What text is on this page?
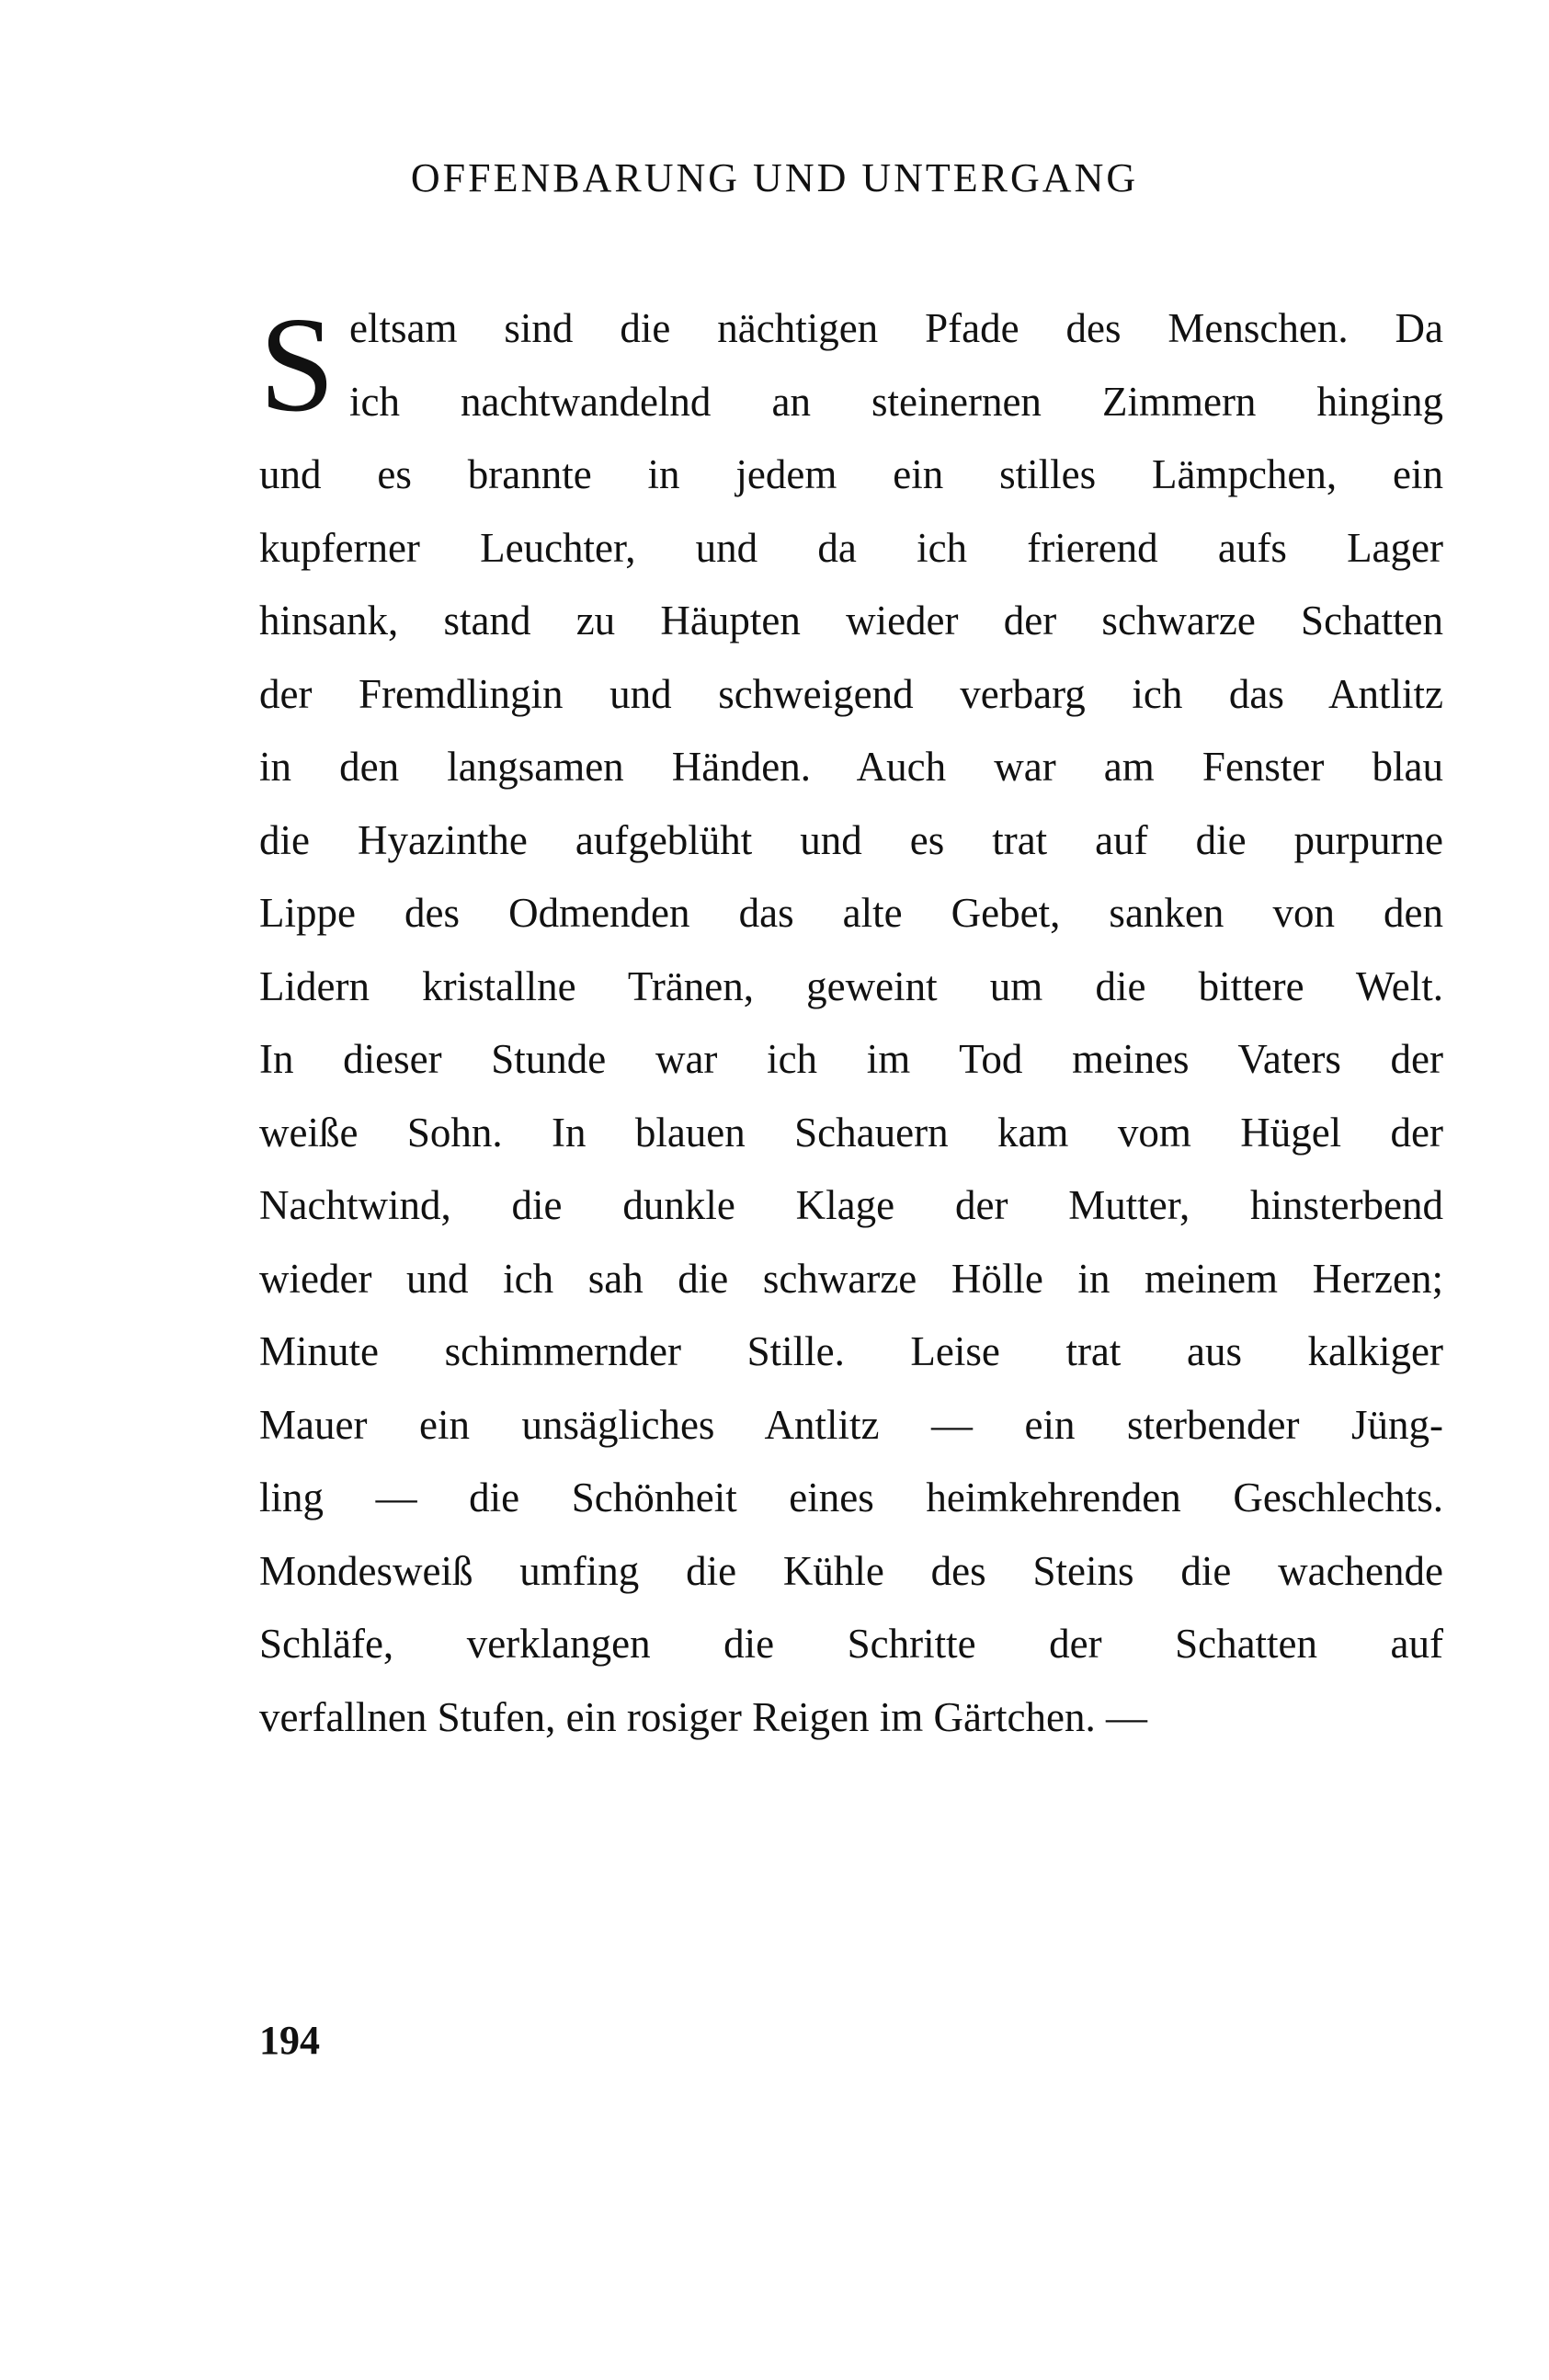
OFFENBARUNG UND UNTERGANG
S eltsam sind die nächtigen Pfade des Menschen. Da
ich nachtwandelnd an steinernen Zimmern hinging
und es brannte in jedem ein stilles Lämpchen, ein
kupferner Leuchter, und da ich frierend aufs Lager
hinsank, stand zu Häupten wieder der schwarze Schatten
der Fremdlingin und schweigend verbarg ich das Antlitz
in den langsamen Händen. Auch war am Fenster blau
die Hyazinthe aufgeblüht und es trat auf die purpurne
Lippe des Odmenden das alte Gebet, sanken von den
Lidern kristallne Tränen, geweint um die bittere Welt.
In dieser Stunde war ich im Tod meines Vaters der
weiße Sohn. In blauen Schauern kam vom Hügel der
Nachtwind, die dunkle Klage der Mutter, hinsterbend
wieder und ich sah die schwarze Hölle in meinem Herzen;
Minute schimmernder Stille. Leise trat aus kalkiger
Mauer ein unsägliches Antlitz — ein sterbender Jüng-
ling — die Schönheit eines heimkehrenden Geschlechts.
Mondesweiß umfing die Kühle des Steins die wachende
Schläfe, verklangen die Schritte der Schatten auf
verfallnen Stufen, ein rosiger Reigen im Gärtchen. —
194
